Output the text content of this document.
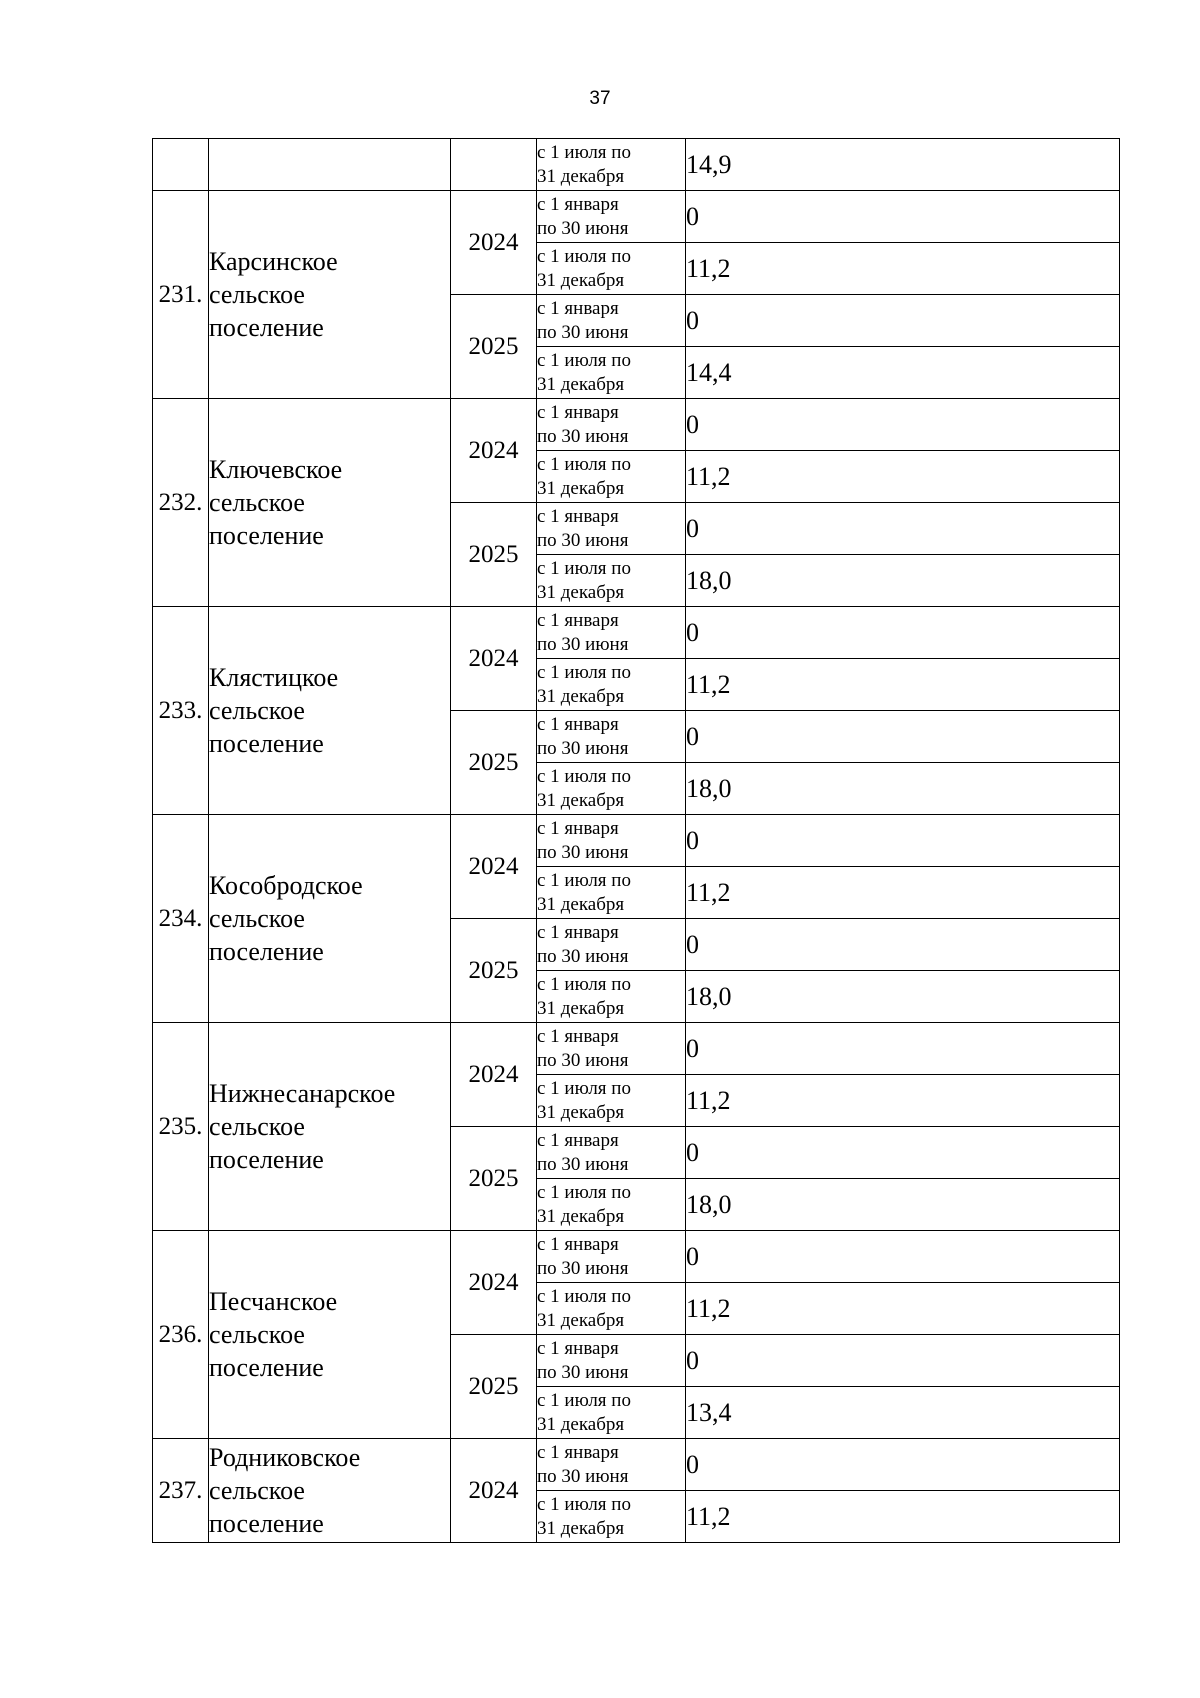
37

			с 1 июля по
31 декабря	14,9
231.	Карсинское
сельское
поселение	2024	с 1 января
по 30 июня	0

			с 1 июля по
31 декабря	11,2
		2025	с 1 января
по 30 июня	0

			с 1 июля по
31 декабря	14,4
232.	Ключевское
сельское
поселение	2024	с 1 января
по 30 июня	0

			с 1 июля по
31 декабря	11,2
		2025	с 1 января
по 30 июня	0

			с 1 июля по
31 декабря	18,0
233.	Клястицкое
сельское
поселение	2024	с 1 января
по 30 июня	0

			с 1 июля по
31 декабря	11,2
		2025	с 1 января
по 30 июня	0

			с 1 июля по
31 декабря	18,0
234.	Кособродское
сельское
поселение	2024	с 1 января
по 30 июня	0

			с 1 июля по
31 декабря	11,2
		2025	с 1 января
по 30 июня	0

			с 1 июля по
31 декабря	18,0
235.	Нижнесанарское
сельское
поселение	2024	с 1 января
по 30 июня	0

			с 1 июля по
31 декабря	11,2
		2025	с 1 января
по 30 июня	0

			с 1 июля по
31 декабря	18,0
236.	Песчанское
сельское
поселение	2024	с 1 января
по 30 июня	0

			с 1 июля по
31 декабря	11,2
		2025	с 1 января
по 30 июня	0

			с 1 июля по
31 декабря	13,4
237.	Родниковское
сельское
поселение	2024	с 1 января
по 30 июня	0

			с 1 июля по
31 декабря	11,2
